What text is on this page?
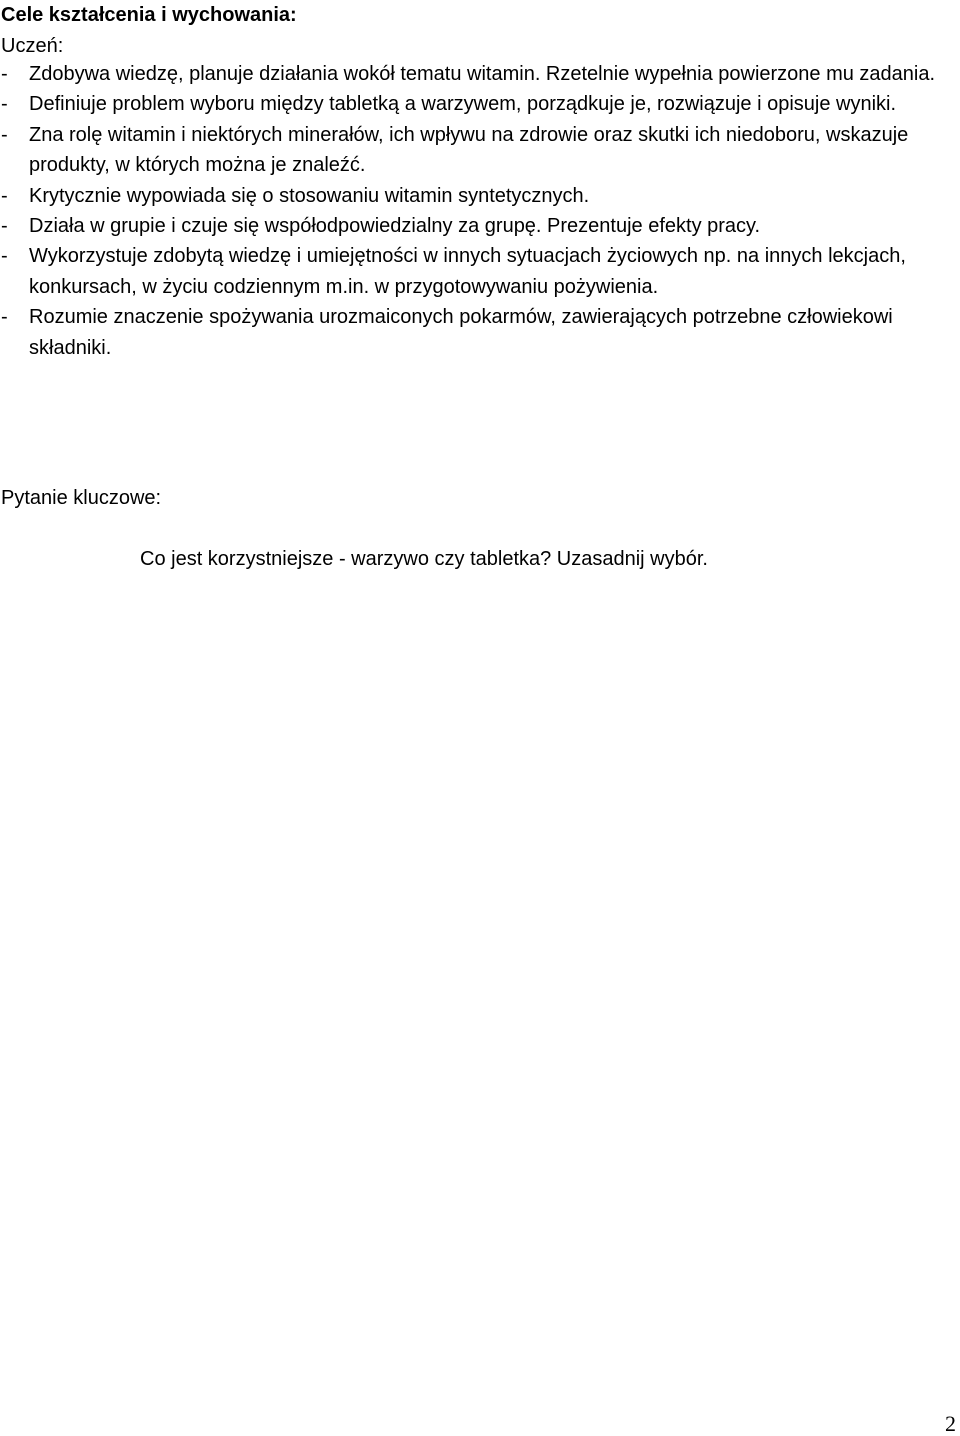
Cele kształcenia i wychowania:
Uczeń:
- Zdobywa wiedzę, planuje działania wokół tematu witamin. Rzetelnie wypełnia powierzone mu zadania.
- Definiuje problem wyboru między tabletką a warzywem, porządkuje je, rozwiązuje i opisuje wyniki.
- Zna rolę witamin i niektórych minerałów, ich wpływu na zdrowie oraz skutki ich niedoboru, wskazuje produkty, w których można je znaleźć.
- Krytycznie wypowiada się o stosowaniu witamin syntetycznych.
- Działa w grupie i czuje się współodpowiedzialny za grupę. Prezentuje efekty pracy.
- Wykorzystuje zdobytą wiedzę i umiejętności w innych sytuacjach życiowych np. na innych lekcjach, konkursach, w życiu codziennym m.in. w przygotowywaniu pożywienia.
- Rozumie znaczenie spożywania urozmaiconych pokarmów, zawierających potrzebne człowiekowi składniki.
Pytanie kluczowe:
Co jest korzystniejsze - warzywo czy tabletka? Uzasadnij wybór.
2
